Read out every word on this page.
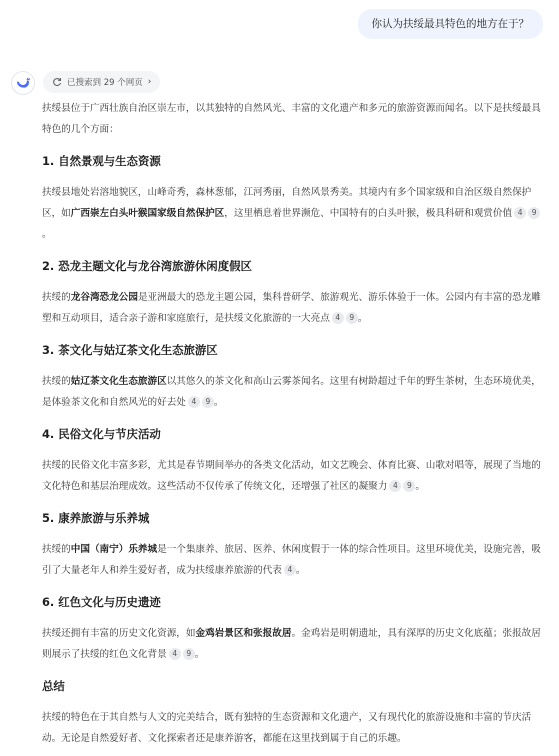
你认为扶绥最具特色的地方在于？
已搜索到 29 个网页 ›

扶绥县位于广西壮族自治区崇左市，以其独特的自然风光、丰富的文化遗产和多元的旅游资源而闻名。以下是扶绥最具特色的几个方面：

1. 自然景观与生态资源

扶绥县地处岩溶地貌区，山峰奇秀，森林葱郁，江河秀丽，自然风景秀美。其境内有多个国家级和自治区级自然保护区，如广西崇左白头叶猴国家级自然保护区，这里栖息着世界濒危、中国特有的白头叶猴，极具科研和观赏价值 4 9。

2. 恐龙主题文化与龙谷湾旅游休闲度假区

扶绥的龙谷湾恐龙公园是亚洲最大的恐龙主题公园，集科普研学、旅游观光、游乐体验于一体。公园内有丰富的恐龙雕塑和互动项目，适合亲子游和家庭旅行，是扶绥文化旅游的一大亮点 4 9 。

3. 茶文化与姑辽茶文化生态旅游区

扶绥的姑辽茶文化生态旅游区以其悠久的茶文化和高山云雾茶闻名。这里有树龄超过千年的野生茶树，生态环境优美，是体验茶文化和自然风光的好去处 4 9 。

4. 民俗文化与节庆活动

扶绥的民俗文化丰富多彩，尤其是春节期间举办的各类文化活动，如文艺晚会、体育比赛、山歌对唱等，展现了当地的文化特色和基层治理成效。这些活动不仅传承了传统文化，还增强了社区的凝聚力 4 9 。

5. 康养旅游与乐养城

扶绥的中国（南宁）乐养城是一个集康养、旅居、医养、休闲度假于一体的综合性项目。这里环境优美，设施完善，吸引了大量老年人和养生爱好者，成为扶绥康养旅游的代表 4 。

6. 红色文化与历史遗迹

扶绥还拥有丰富的历史文化资源，如金鸡岩景区和张报故居。金鸡岩是明朝遗址，具有深厚的历史文化底蕴；张报故居则展示了扶绥的红色文化背景 4 9 。

总结

扶绥的特色在于其自然与人文的完美结合，既有独特的生态资源和文化遗产，又有现代化的旅游设施和丰富的节庆活动。无论是自然爱好者、文化探索者还是康养游客，都能在这里找到属于自己的乐趣。
